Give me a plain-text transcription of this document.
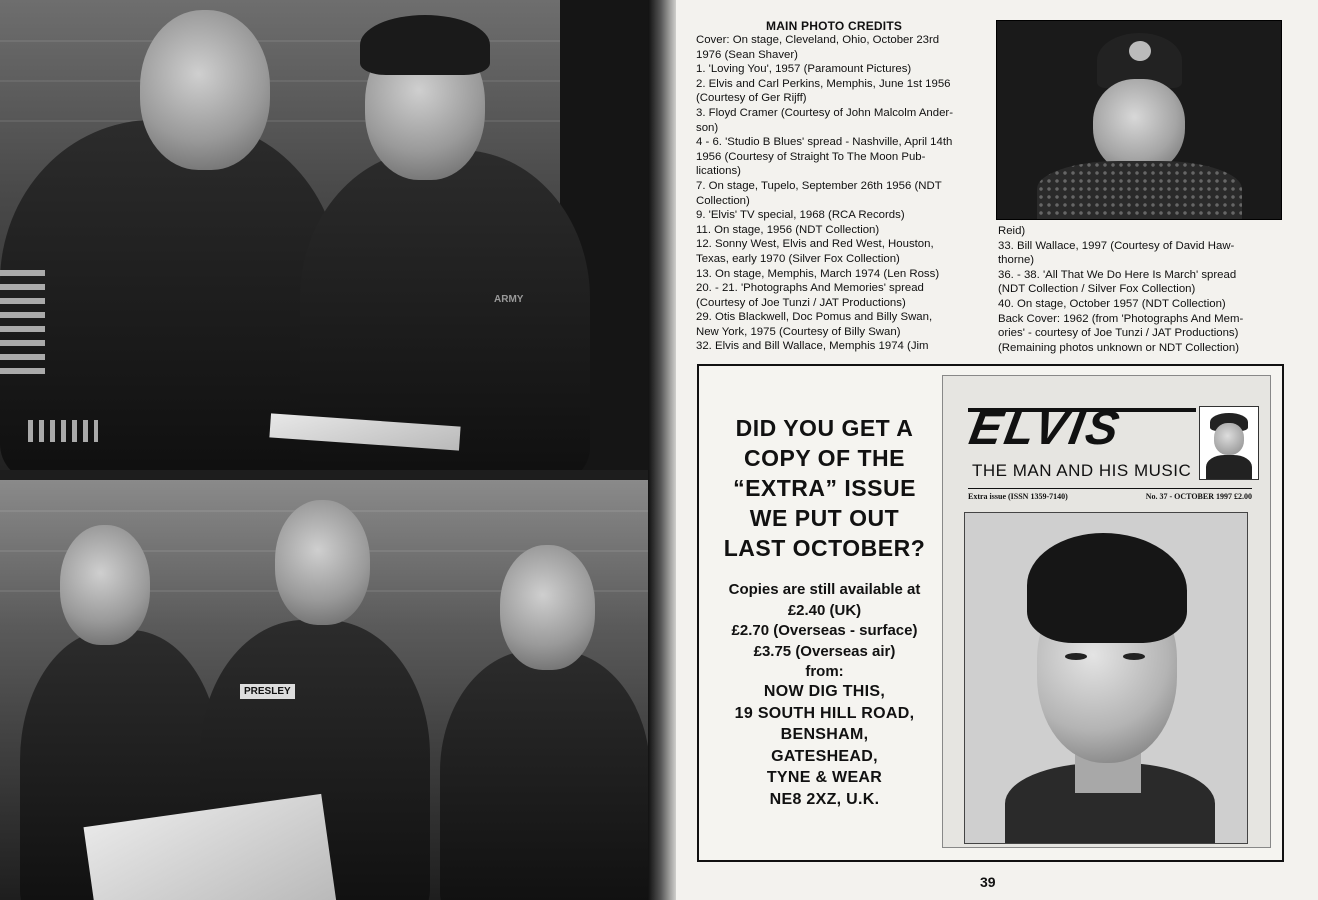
ARMY
PRESLEY
MAIN PHOTO CREDITS
Cover: On stage, Cleveland, Ohio, October 23rd
1976 (Sean Shaver)
1. 'Loving You', 1957 (Paramount Pictures)
2. Elvis and Carl Perkins, Memphis, June 1st 1956
(Courtesy of Ger Rijff)
3. Floyd Cramer (Courtesy of John Malcolm Ander-
son)
4 - 6. 'Studio B Blues' spread - Nashville, April 14th
1956 (Courtesy of Straight To The Moon Pub-
lications)
7. On stage, Tupelo, September 26th 1956 (NDT
Collection)
9. 'Elvis' TV special, 1968 (RCA Records)
11. On stage, 1956 (NDT Collection)
12. Sonny West, Elvis and Red West, Houston,
Texas, early 1970 (Silver Fox Collection)
13. On stage, Memphis, March 1974 (Len Ross)
20. - 21. 'Photographs And Memories' spread
(Courtesy of Joe Tunzi / JAT Productions)
29. Otis Blackwell, Doc Pomus and Billy Swan,
New York, 1975 (Courtesy of Billy Swan)
32. Elvis and Bill Wallace, Memphis 1974 (Jim
Reid)
33. Bill Wallace, 1997 (Courtesy of David Haw-
thorne)
36. - 38. 'All That We Do Here Is March' spread
(NDT Collection / Silver Fox Collection)
40. On stage, October 1957 (NDT Collection)
Back Cover: 1962 (from 'Photographs And Mem-
ories' - courtesy of Joe Tunzi / JAT Productions)
(Remaining photos unknown or NDT Collection)
DID YOU GET A
COPY OF THE
“EXTRA” ISSUE
WE PUT OUT
LAST OCTOBER?
Copies are still available at
£2.40 (UK)
£2.70 (Overseas - surface)
£3.75 (Overseas air)
from:
NOW DIG THIS,
19 SOUTH HILL ROAD,
BENSHAM,
GATESHEAD,
TYNE & WEAR
NE8 2XZ, U.K.
ELVIS
THE MAN AND HIS MUSIC
Extra issue (ISSN 1359-7140)	No. 37 - OCTOBER 1997 £2.00
39
